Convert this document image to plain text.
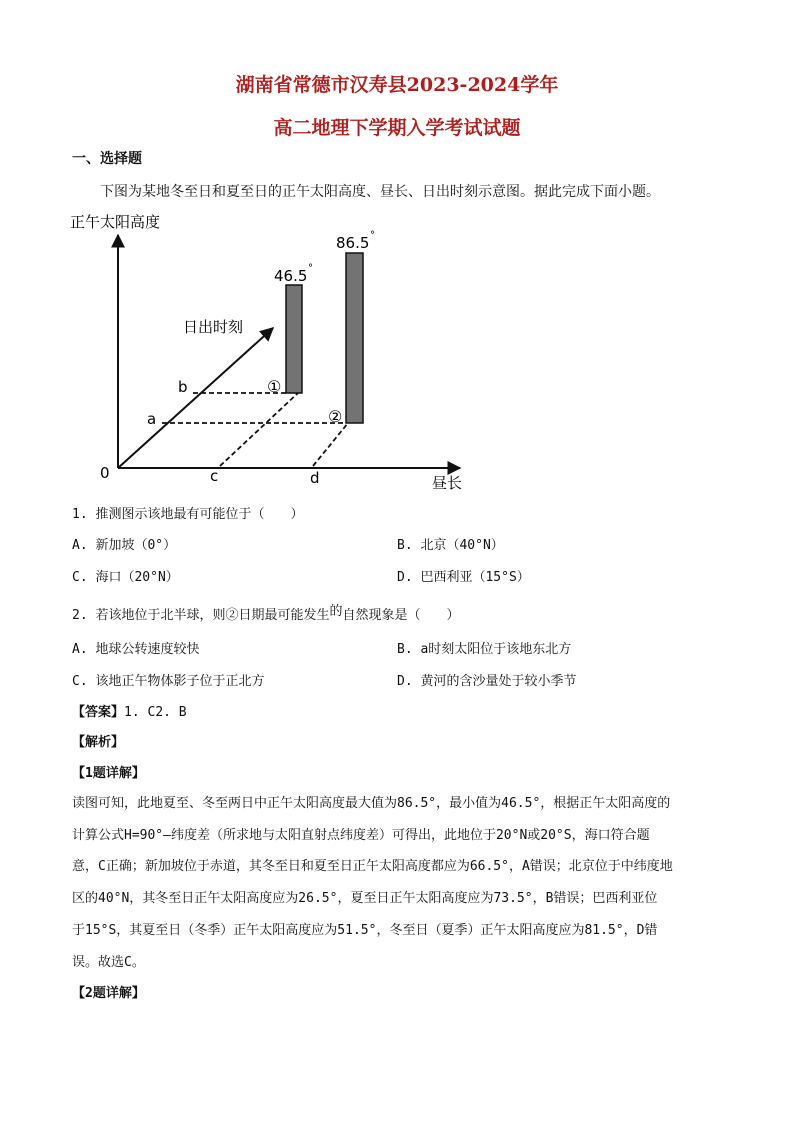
湖南省常德市汉寿县2023-2024学年
高二地理下学期入学考试试题
一、选择题
下图为某地冬至日和夏至日的正午太阳高度、昼长、日出时刻示意图。据此完成下面小题。
正午太阳高度
昼长
日出时刻
0
b
a
c	d
①
②
46.5 °
86.5 °
1. 推测图示该地最有可能位于（　　）
A. 新加坡（0°）	B. 北京（40°N）
C. 海口（20°N）	D. 巴西利亚（15°S）
2. 若该地位于北半球，则②日期最可能发生的自然现象是（　　）
A. 地球公转速度较快	B. a时刻太阳位于该地东北方
C. 该地正午物体影子位于正北方	D. 黄河的含沙量处于较小季节
【答案】1. C2. B
【解析】
【1题详解】
读图可知，此地夏至、冬至两日中正午太阳高度最大值为86.5°，最小值为46.5°，根据正午太阳高度的
计算公式H=90°—纬度差（所求地与太阳直射点纬度差）可得出，此地位于20°N或20°S，海口符合题
意，C正确；新加坡位于赤道，其冬至日和夏至日正午太阳高度都应为66.5°，A错误；北京位于中纬度地
区的40°N，其冬至日正午太阳高度应为26.5°，夏至日正午太阳高度应为73.5°，B错误；巴西利亚位
于15°S，其夏至日（冬季）正午太阳高度应为51.5°，冬至日（夏季）正午太阳高度应为81.5°，D错
误。故选C。
【2题详解】
